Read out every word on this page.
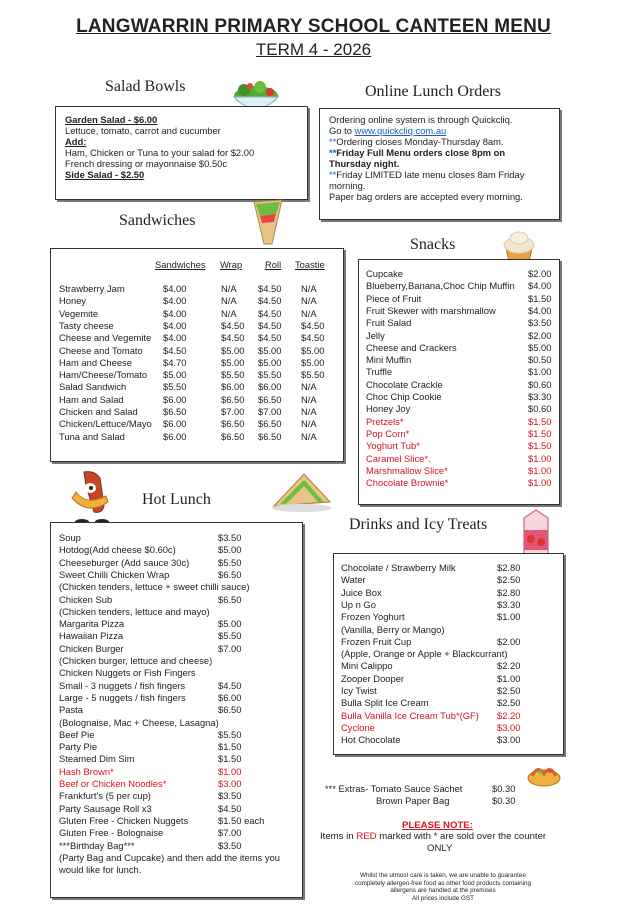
LANGWARRIN PRIMARY SCHOOL CANTEEN MENU
TERM 4 - 2026
Salad Bowls
Garden Salad - $6.00
Lettuce, tomato, carrot and cucumber
Add:
Ham, Chicken or Tuna to your salad for $2.00
French dressing or mayonnaise $0.50c
Side Salad - $2.50
Online Lunch Orders
Ordering online system is through Quickcliq.
Go to www.quickcliq.com.au
**Ordering closes Monday-Thursday 8am.
**Friday Full Menu orders close 8pm on
Thursday night.
**Friday LIMITED late menu closes 8am Friday
morning.
Paper bag orders are accepted every morning.
Sandwiches
Sandwiches Wrap Roll Toastie
Strawberry Jam	$4.00	N/A $4.50 N/A
Honey	$4.00	N/A $4.50 N/A
Vegemite	$4.00	N/A $4.50 N/A
Tasty cheese	$4.00	$4.50 $4.50 $4.50
Cheese and Vegemite $4.00	$4.50 $4.50 $4.50
Cheese and Tomato $4.50	$5.00 $5.00 $5.00
Ham and Cheese	$4.70	$5.00 $5.00 $5.00
Ham/Cheese/Tomato $5.00	$5.50 $5.50 $5.50
Salad Sandwich	$5.50	$6.00 $6.00 N/A
Ham and Salad	$6.00	$6.50 $6.50 N/A
Chicken and Salad	$6.50	$7.00 $7.00 N/A
Chicken/Lettuce/Mayo $6.00	$6.50 $6.50 N/A
Tuna and Salad	$6.00	$6.50 $6.50 N/A
Snacks
Cupcake	$2.00
Blueberry,Banana,Choc Chip Muffin $4.00
Piece of Fruit	$1.50
Fruit Skewer with marshmallow	$4.00
Fruit Salad	$3.50
Jelly	$2.00
Cheese and Crackers	$5.00
Mini Muffin	$0.50
Truffle	$1.00
Chocolate Crackle	$0.60
Choc Chip Cookie	$3.30
Honey Joy	$0.60
Pretzels*	$1.50
Pop Corn*	$1.50
Yoghurt Tub*	$1.50
Caramel Slice*.	$1.00
Marshmallow Slice*	$1.00
Chocolate Brownie*	$1.00
Hot Lunch
Soup	$3.50
Hotdog(Add cheese $0.60c)	$5.00
Cheeseburger (Add sauce 30c)	$5.50
Sweet Chilli Chicken Wrap	$6.50
(Chicken tenders, lettuce + sweet chilli sauce)
Chicken Sub	$6.50
(Chicken tenders, lettuce and mayo)
Margarita Pizza	$5.00
Hawaiian Pizza	$5.50
Chicken Burger	$7.00
(Chicken burger, lettuce and cheese)
Chicken Nuggets or Fish Fingers
Small - 3 nuggets / fish fingers	$4.50
Large - 5 nuggets / fish fingers	$6.00
Pasta	$6.50
(Bolognaise, Mac + Cheese, Lasagna)
Beef Pie	$5.50
Party Pie	$1.50
Steamed Dim Sim	$1.50
Hash Brown*	$1.00
Beef or Chicken Noodles*	$3.00
Frankfurt's (5 per cup)	$3.50
Party Sausage Roll x3	$4.50
Gluten Free - Chicken Nuggets	$1.50 each
Gluten Free - Bolognaise	$7.00
***Birthday Bag***	$3.50
(Party Bag and Cupcake) and then add the items you
would like for lunch.
Drinks and Icy Treats
Chocolate / Strawberry Milk	$2.80
Water	$2.50
Juice Box	$2.80
Up n Go	$3.30
Frozen Yoghurt	$1.00
(Vanilla, Berry or Mango)
Frozen Fruit Cup	$2.00
(Apple, Orange or Apple + Blackcurrant)
Mini Calippo	$2.20
Zooper Dooper	$1.00
Icy Twist	$2.50
Bulla Split Ice Cream	$2.50
Bulla Vanilla Ice Cream Tub*(GF) $2.20
Cyclone	$3.00
Hot Chocolate	$3.00
*** Extras- Tomato Sauce Sachet	$0.30
Brown Paper Bag	$0.30
PLEASE NOTE:
Items in RED marked with * are sold over the counter
ONLY
Whilst the utmost care is taken, we are unable to guarantee
completely allergen-free food as other food products containing
allergens are handled at the premises
All prices include GST
